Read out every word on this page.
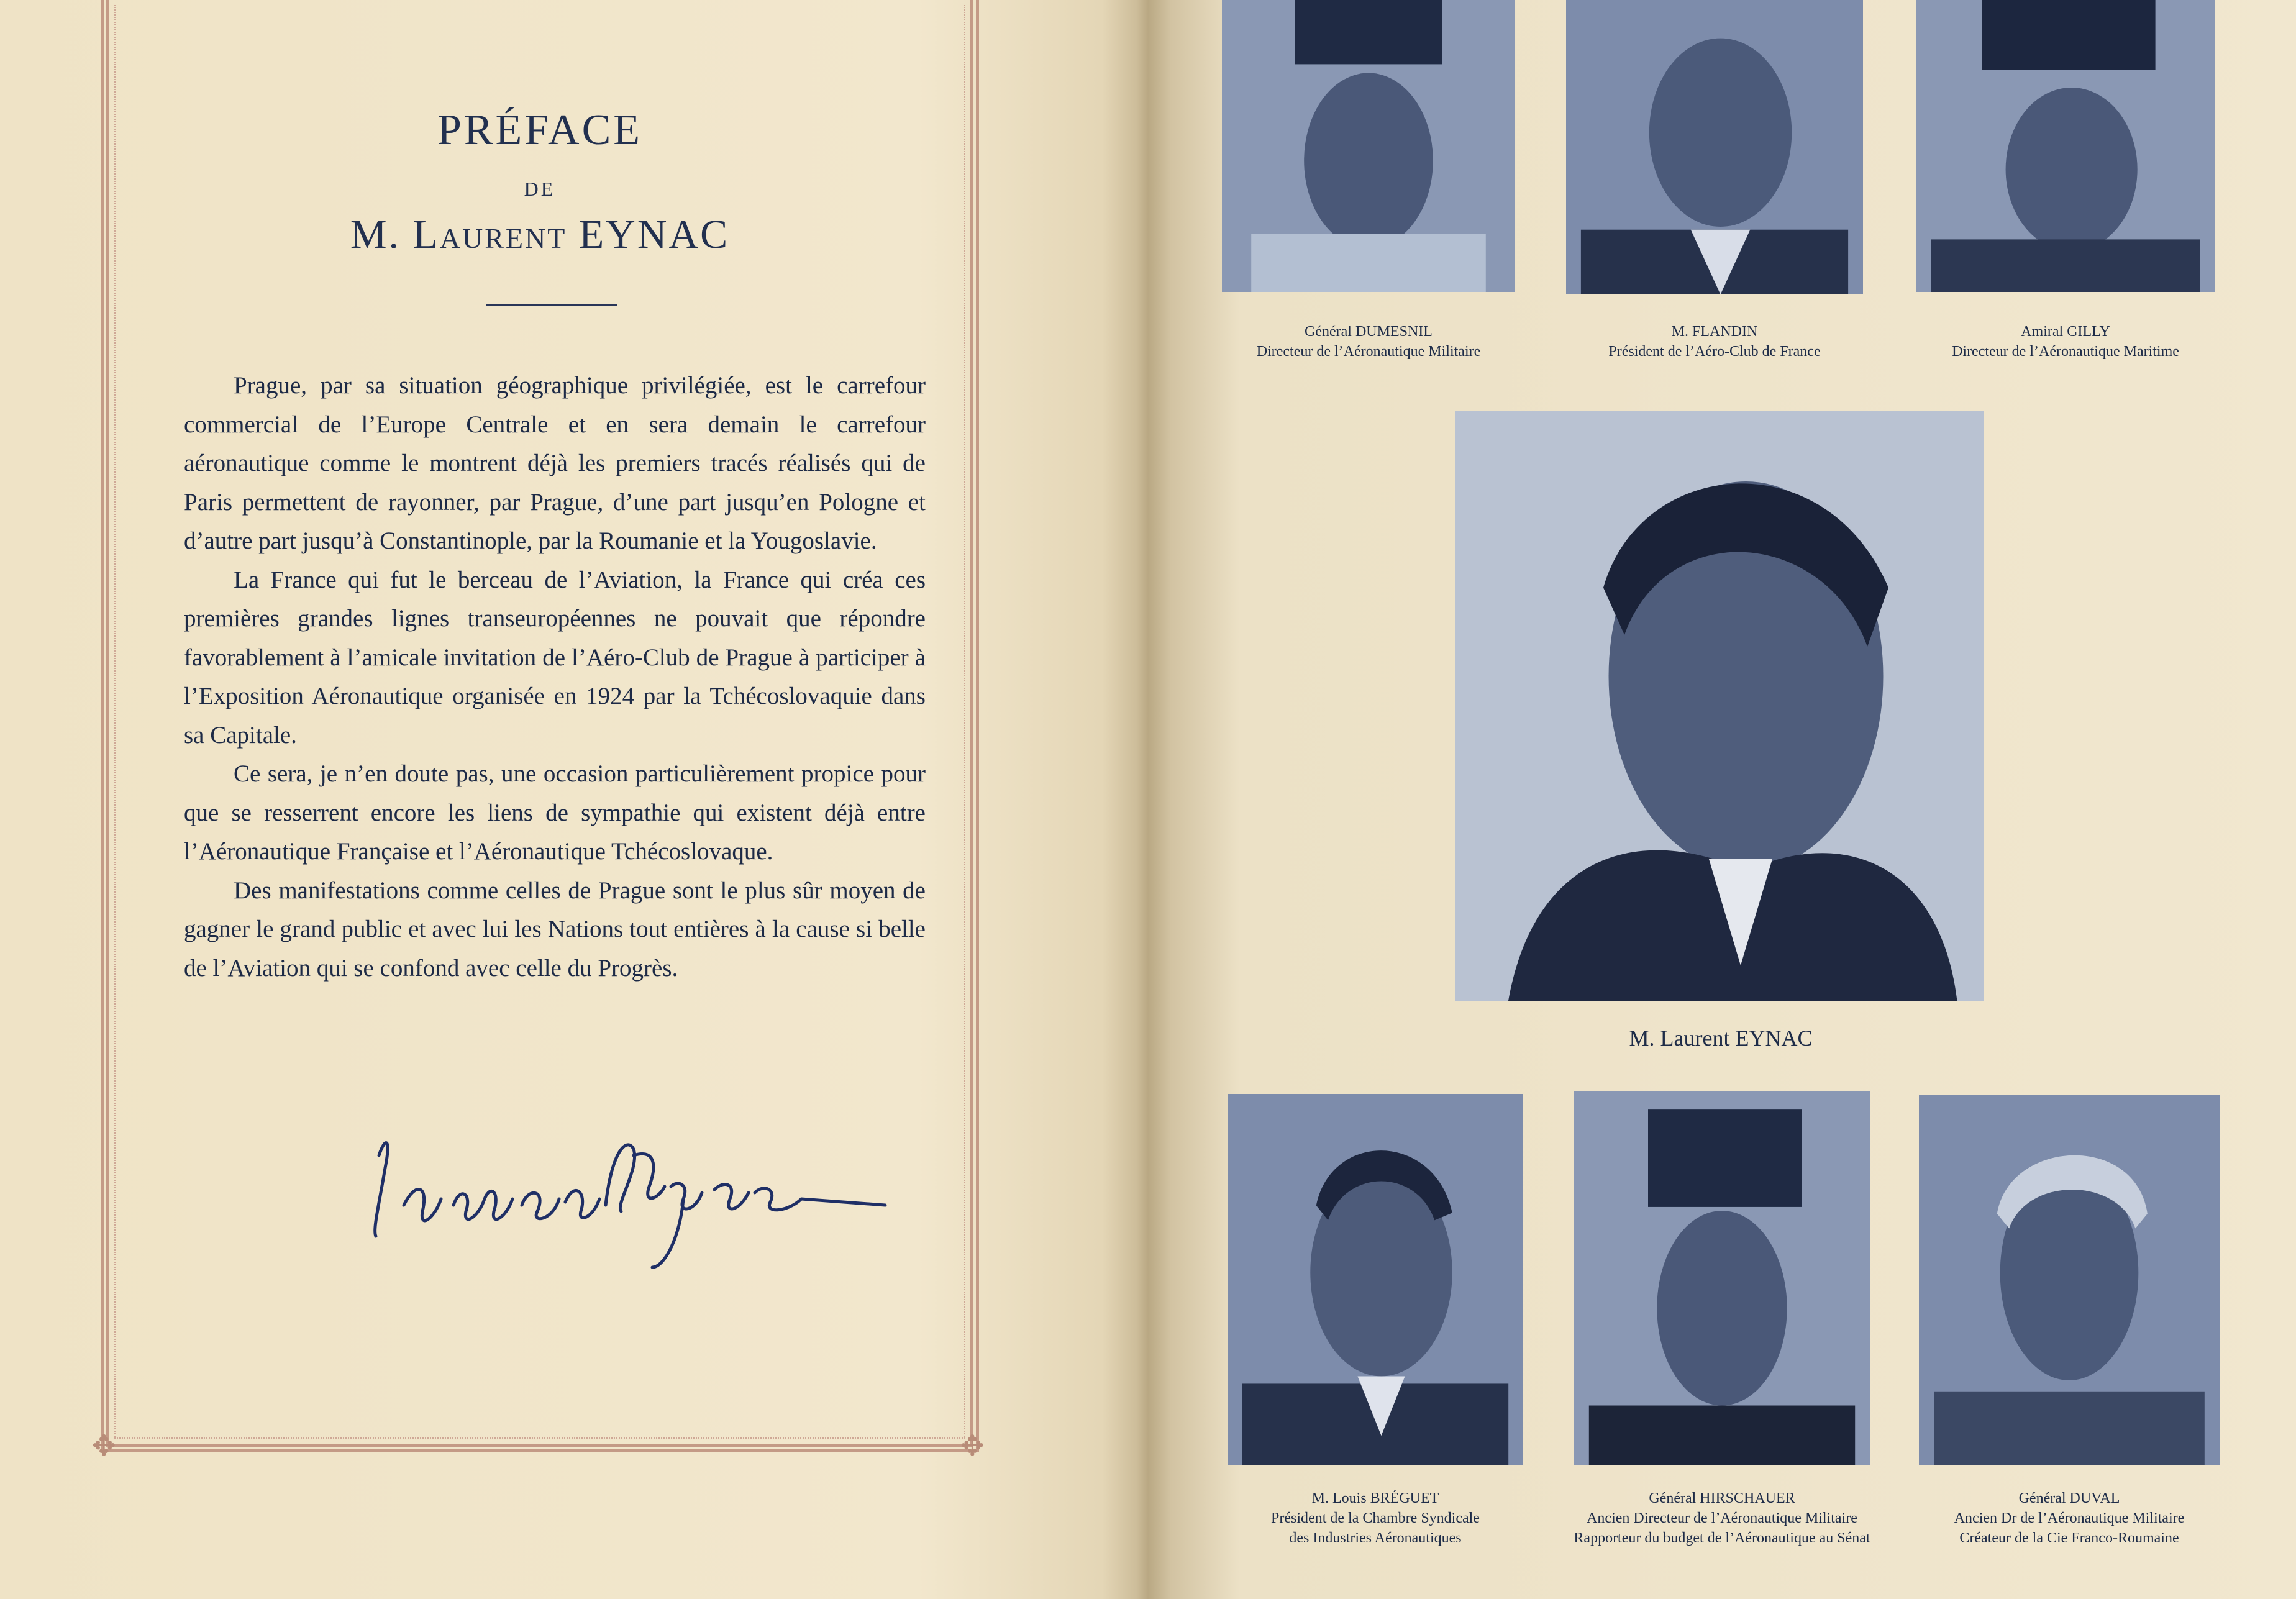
✥	✥
PRÉFACE
DE
M. Laurent EYNAC

Prague, par sa situation géographique privilégiée, est le carrefour commercial de l’Europe Centrale et en sera demain le carrefour aéronautique comme le montrent déjà les premiers tracés réalisés qui de Paris permettent de rayonner, par Prague, d’une part jusqu’en Pologne et d’autre part jusqu’à Constantinople, par la Roumanie et la Yougoslavie.

La France qui fut le berceau de l’Aviation, la France qui créa ces premières grandes lignes transeuropéennes ne pouvait que répondre favorablement à l’amicale invitation de l’Aéro-Club de Prague à participer à l’Exposition Aéronautique organisée en 1924 par la Tchécoslovaquie dans sa Capitale.

Ce sera, je n’en doute pas, une occasion particulièrement propice pour que se resserrent encore les liens de sympathie qui existent déjà entre l’Aéronautique Française et l’Aéronautique Tchécoslovaque.

Des manifestations comme celles de Prague sont le plus sûr moyen de gagner le grand public et avec lui les Nations tout entières à la cause si belle de l’Aviation qui se confond avec celle du Progrès.

Général DUMESNIL
Directeur de l’Aéronautique Militaire
M. FLANDIN
Président de l’Aéro-Club de France
Amiral GILLY
Directeur de l’Aéronautique Maritime
M. Laurent EYNAC
M. Louis BRÉGUET
Président de la Chambre Syndicale
des Industries Aéronautiques
Général HIRSCHAUER
Ancien Directeur de l’Aéronautique Militaire
Rapporteur du budget de l’Aéronautique au Sénat
Général DUVAL
Ancien Dr de l’Aéronautique Militaire
Créateur de la Cie Franco-Roumaine
